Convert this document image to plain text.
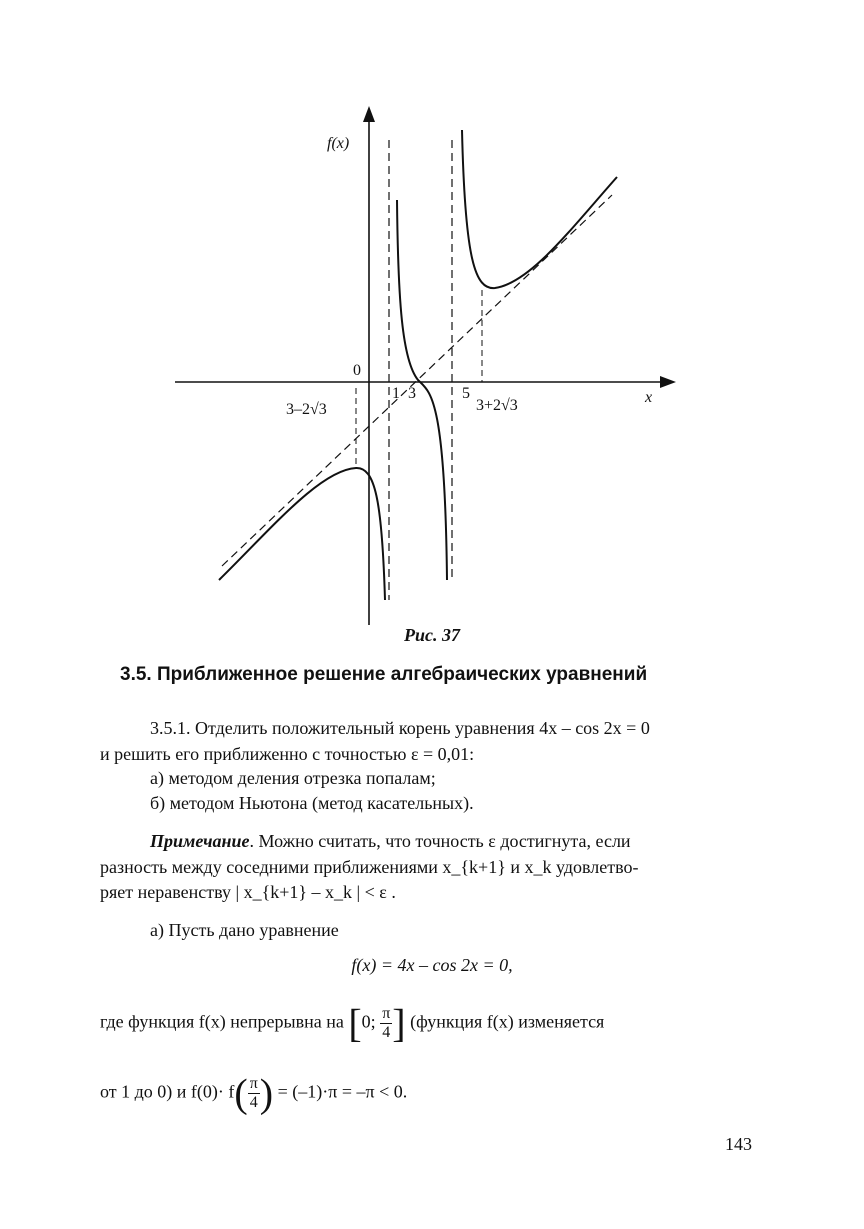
f(x)
x
0
1 3	5
3–2√3	3+2√3
Рис. 37
3.5. Приближенное решение алгебраических уравнений
3.5.1. Отделить положительный корень уравнения 4x – cos 2x = 0
и решить его приближенно с точностью ε = 0,01:
а) методом деления отрезка попалам;
б) методом Ньютона (метод касательных).
Примечание. Можно считать, что точность ε достигнута, если
разность между соседними приближениями x_{k+1} и x_k удовлетво-
ряет неравенству | x_{k+1} – x_k | < ε .
а) Пусть дано уравнение
f(x) = 4x – cos 2x = 0,
где функция f(x) непрерывна на [0; $\frac{\pi}{4}$ ] (функция f(x) изменяется
от 1 до 0) и $f(0)\cdot f( \frac{\pi}{4}$ ) = (–1)·π = –π < 0.
143
